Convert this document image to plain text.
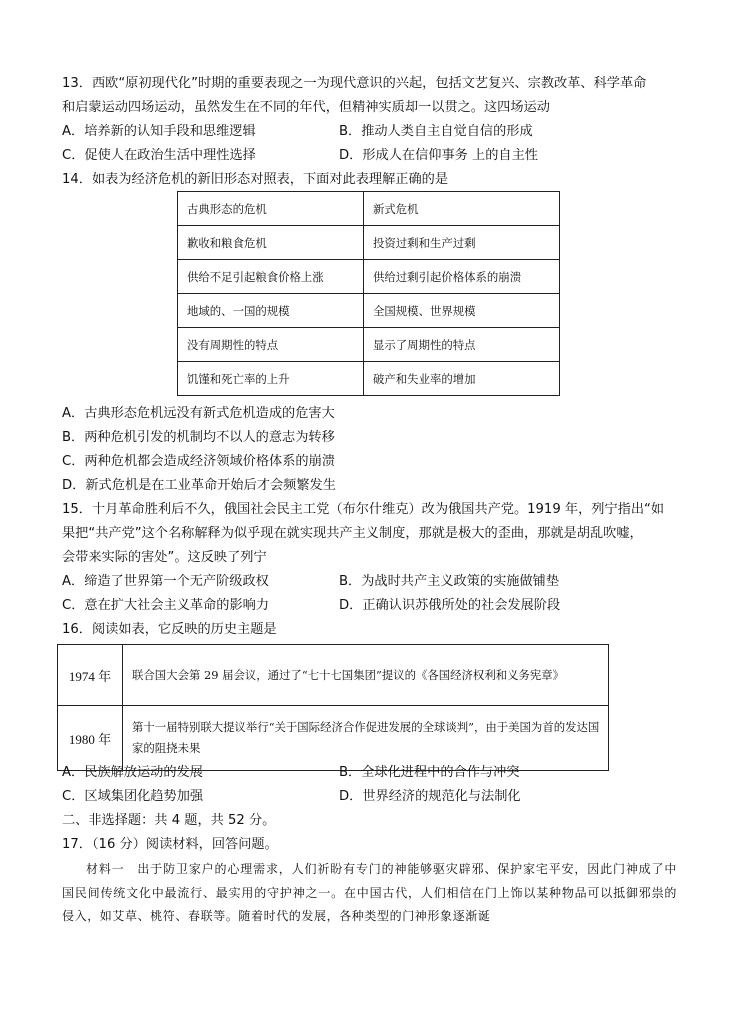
13．西欧“原初现代化”时期的重要表现之一为现代意识的兴起，包括文艺复兴、宗教改革、科学革命
和启蒙运动四场运动，虽然发生在不同的年代，但精神实质却一以贯之。这四场运动
A．培养新的认知手段和思维逻辑	B．推动人类自主自觉自信的形成
C．促使人在政治生活中理性选择	D．形成人在信仰事务 上的自主性
14．如表为经济危机的新旧形态对照表，下面对此表理解正确的是
古典形态的危机	新式危机
歉收和粮食危机	投资过剩和生产过剩
供给不足引起粮食价格上涨	供给过剩引起价格体系的崩溃
地域的、一国的规模	全国规模、世界规模
没有周期性的特点	显示了周期性的特点
饥馑和死亡率的上升	破产和失业率的增加
A．古典形态危机远没有新式危机造成的危害大
B．两种危机引发的机制均不以人的意志为转移
C．两种危机都会造成经济领域价格体系的崩溃
D．新式危机是在工业革命开始后才会频繁发生
15．十月革命胜利后不久，俄国社会民主工党（布尔什维克）改为俄国共产党。1919 年，列宁指出“如
果把“共产党”这个名称解释为似乎现在就实现共产主义制度，那就是极大的歪曲，那就是胡乱吹嘘，
会带来实际的害处”。这反映了列宁
A．缔造了世界第一个无产阶级政权	B．为战时共产主义政策的实施做铺垫
C．意在扩大社会主义革命的影响力	D．正确认识苏俄所处的社会发展阶段
16．阅读如表，它反映的历史主题是
1974 年	联合国大会第 29 届会议，通过了“七十七国集团”提议的《各国经济权利和义务宪章》
1980 年	第十一届特别联大提议举行“关于国际经济合作促进发展的全球谈判”，由于美国为首的发达国家的阻挠未果
A．民族解放运动的发展	B．全球化进程中的合作与冲突
C．区域集团化趋势加强	D．世界经济的规范化与法制化
二、非选择题：共 4 题，共 52 分。
17．（16 分）阅读材料，回答问题。
材料一　出于防卫家户的心理需求，人们祈盼有专门的神能够驱灾辟邪、保护家宅平安，因此门神成了中国民间传统文化中最流行、最实用的守护神之一。在中国古代，人们相信在门上饰以某种物品可以抵御邪祟的侵入，如艾草、桃符、春联等。随着时代的发展，各种类型的门神形象逐渐诞
